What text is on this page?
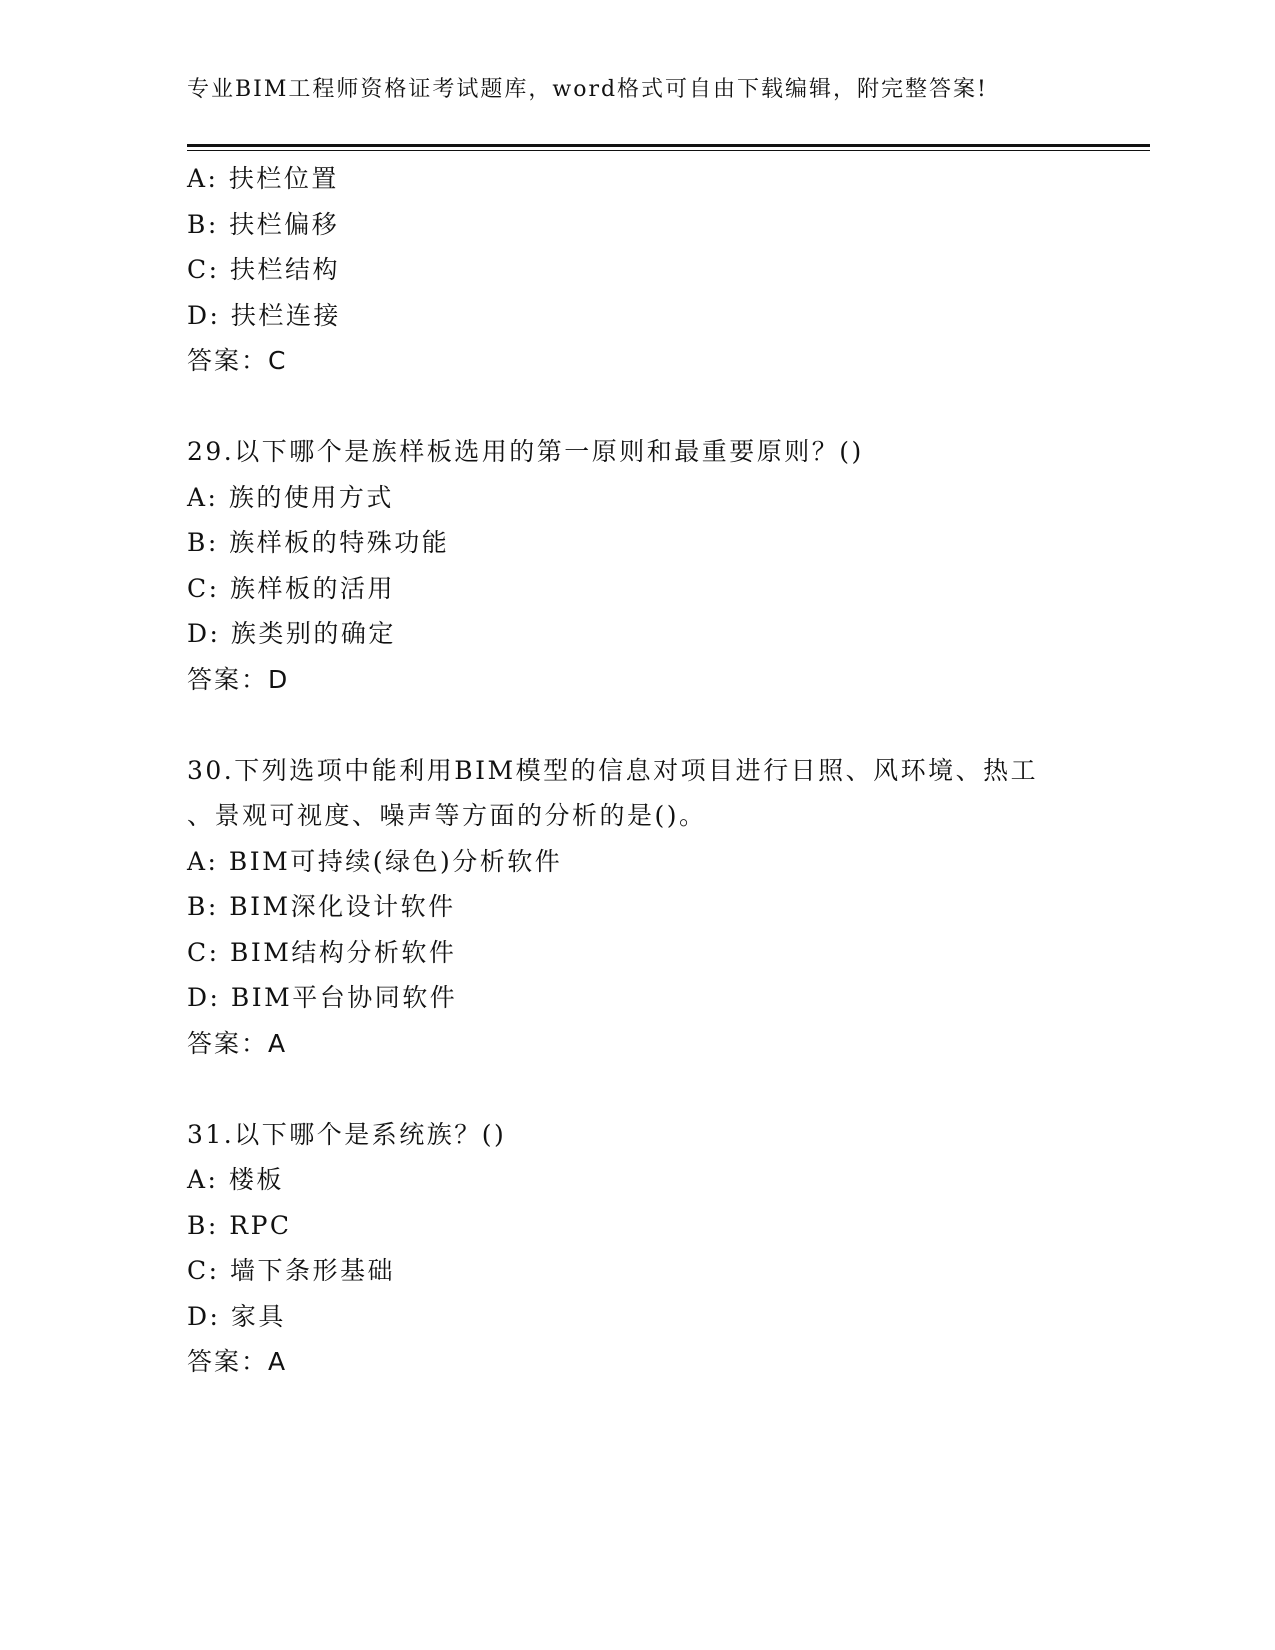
专业BIM工程师资格证考试题库，word格式可自由下载编辑，附完整答案!
A: 扶栏位置
B: 扶栏偏移
C: 扶栏结构
D: 扶栏连接
答案：C
29.以下哪个是族样板选用的第一原则和最重要原则？()
A: 族的使用方式
B: 族样板的特殊功能
C: 族样板的活用
D: 族类别的确定
答案：D
30.下列选项中能利用BIM模型的信息对项目进行日照、风环境、热工
、景观可视度、噪声等方面的分析的是()。
A: BIM可持续(绿色)分析软件
B: BIM深化设计软件
C: BIM结构分析软件
D: BIM平台协同软件
答案：A
31.以下哪个是系统族？()
A: 楼板
B: RPC
C: 墙下条形基础
D: 家具
答案：A
